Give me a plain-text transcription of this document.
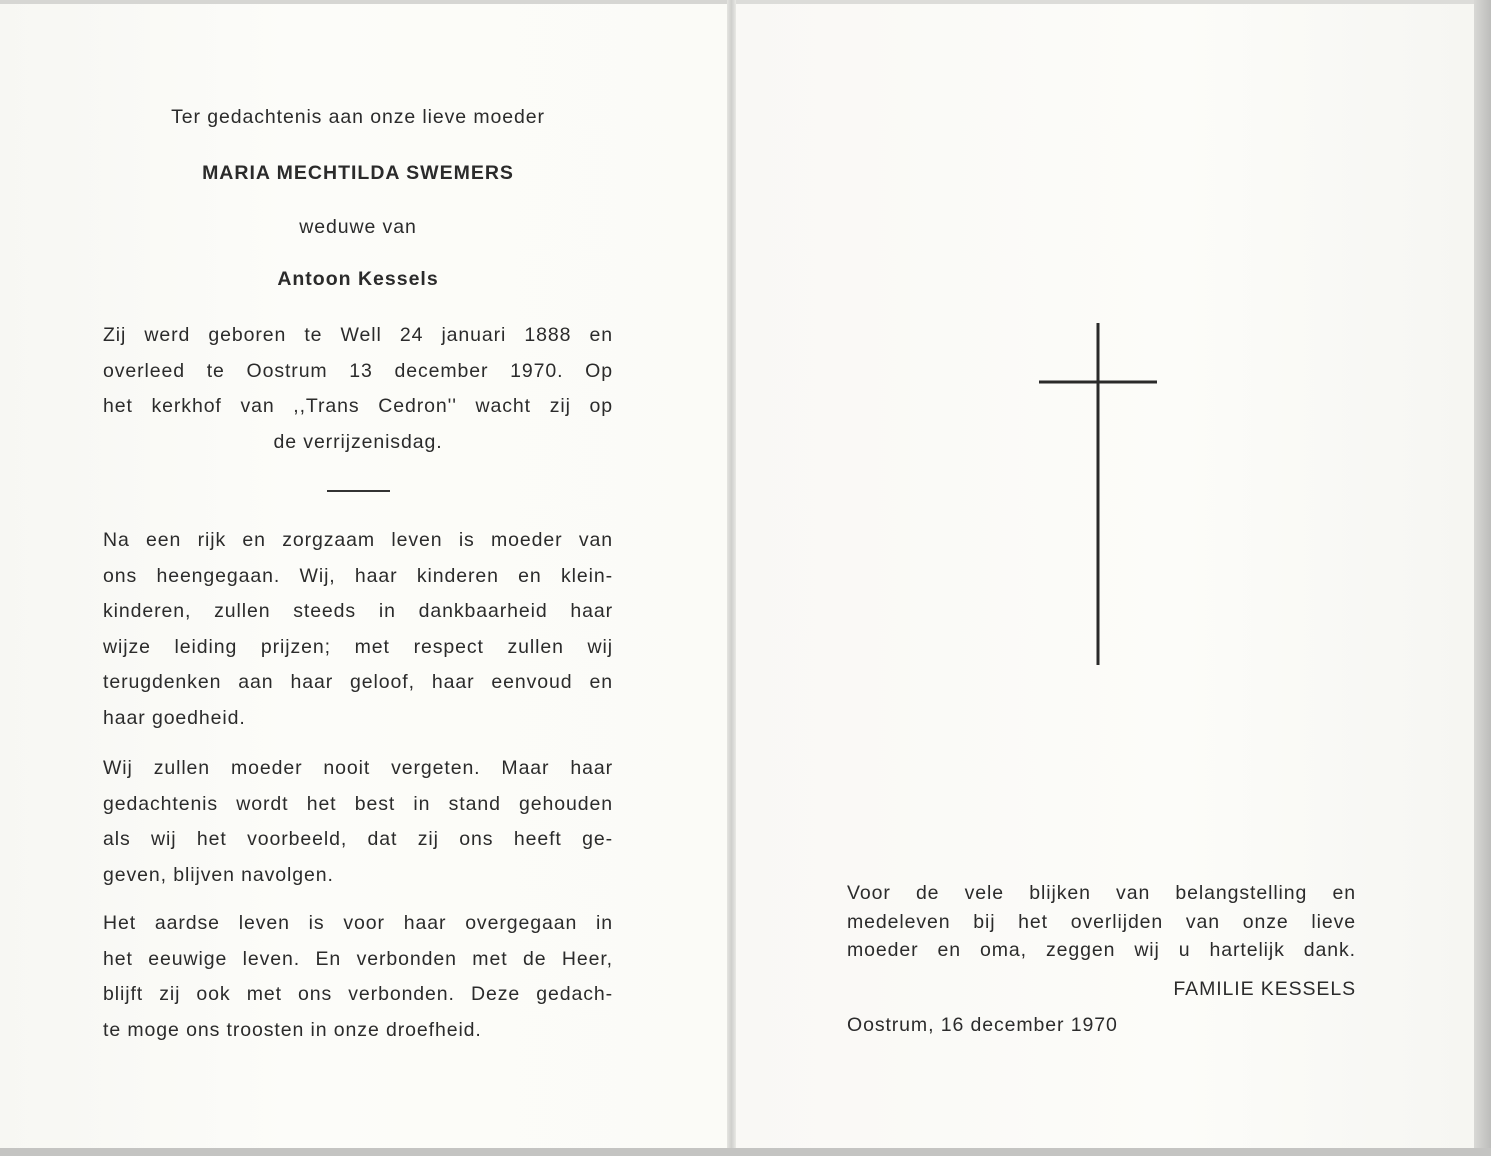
Ter gedachtenis aan onze lieve moeder
MARIA MECHTILDA SWEMERS
weduwe van
Antoon Kessels
Zij werd geboren te Well 24 januari 1888 en
overleed te Oostrum 13 december 1970. Op
het kerkhof van ,,Trans Cedron'' wacht zij op
de verrijzenisdag.
Na een rijk en zorgzaam leven is moeder van
ons heengegaan. Wij, haar kinderen en klein-
kinderen, zullen steeds in dankbaarheid haar
wijze leiding prijzen; met respect zullen wij
terugdenken aan haar geloof, haar eenvoud en
haar goedheid.
Wij zullen moeder nooit vergeten. Maar haar
gedachtenis wordt het best in stand gehouden
als wij het voorbeeld, dat zij ons heeft ge-
geven, blijven navolgen.
Het aardse leven is voor haar overgegaan in
het eeuwige leven. En verbonden met de Heer,
blijft zij ook met ons verbonden. Deze gedach-
te moge ons troosten in onze droefheid.
Voor de vele blijken van belangstelling en
medeleven bij het overlijden van onze lieve
moeder en oma, zeggen wij u hartelijk dank.
FAMILIE KESSELS
Oostrum, 16 december 1970
